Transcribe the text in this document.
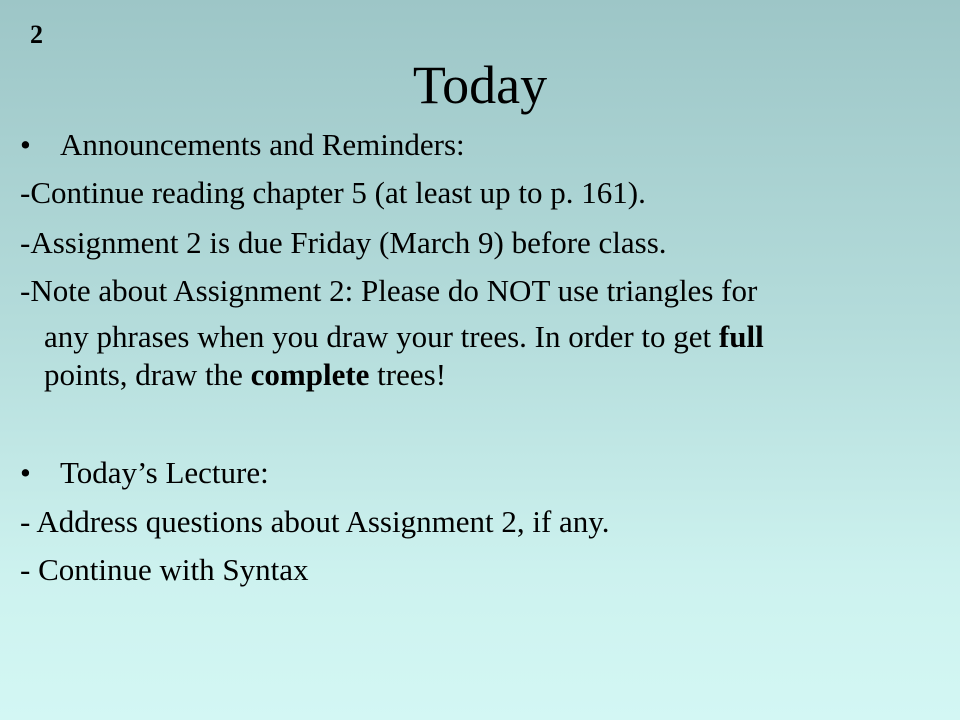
2
Today
• Announcements and Reminders:
-Continue reading chapter 5 (at least up to p. 161).
-Assignment 2 is due Friday (March 9) before class.
-Note about Assignment 2: Please do NOT use triangles for
any phrases when you draw your trees. In order to get full
points, draw the complete trees!
• Today’s Lecture:
- Address questions about Assignment 2, if any.
- Continue with Syntax
